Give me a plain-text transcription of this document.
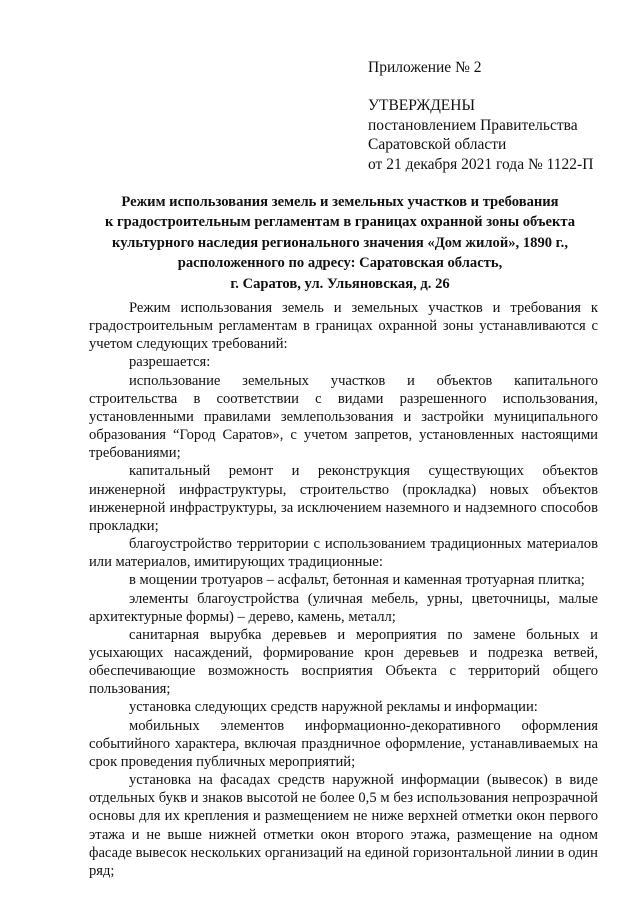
Приложение № 2
УТВЕРЖДЕНЫ
постановлением Правительства
Саратовской области
от 21 декабря 2021 года № 1122-П
Режим использования земель и земельных участков и требования
к градостроительным регламентам в границах охранной зоны объекта
культурного наследия регионального значения «Дом жилой», 1890 г.,
расположенного по адресу: Саратовская область,
г. Саратов, ул. Ульяновская, д. 26

Режим использования земель и земельных участков и требования к градостроительным регламентам в границах охранной зоны устанавливаются с учетом следующих требований:

разрешается:

использование земельных участков и объектов капитального строительства в соответствии с видами разрешенного использования, установленными правилами землепользования и застройки муниципального образования “Город Саратов», с учетом запретов, установленных настоящими требованиями;

капитальный ремонт и реконструкция существующих объектов инженерной инфраструктуры, строительство (прокладка) новых объектов инженерной инфраструктуры, за исключением наземного и надземного способов прокладки;

благоустройство территории с использованием традиционных материалов или материалов, имитирующих традиционные:

в мощении тротуаров – асфальт, бетонная и каменная тротуарная плитка;

элементы благоустройства (уличная мебель, урны, цветочницы, малые архитектурные формы) – дерево, камень, металл;

санитарная вырубка деревьев и мероприятия по замене больных и усыхающих насаждений, формирование крон деревьев и подрезка ветвей, обеспечивающие возможность восприятия Объекта с территорий общего пользования;

установка следующих средств наружной рекламы и информации:

мобильных элементов информационно-декоративного оформления событийного характера, включая праздничное оформление, устанавливаемых на срок проведения публичных мероприятий;

установка на фасадах средств наружной информации (вывесок) в виде отдельных букв и знаков высотой не более 0,5 м без использования непрозрачной основы для их крепления и размещением не ниже верхней отметки окон первого этажа и не выше нижней отметки окон второго этажа, размещение на одном фасаде вывесок нескольких организаций на единой горизонтальной линии в один ряд;
